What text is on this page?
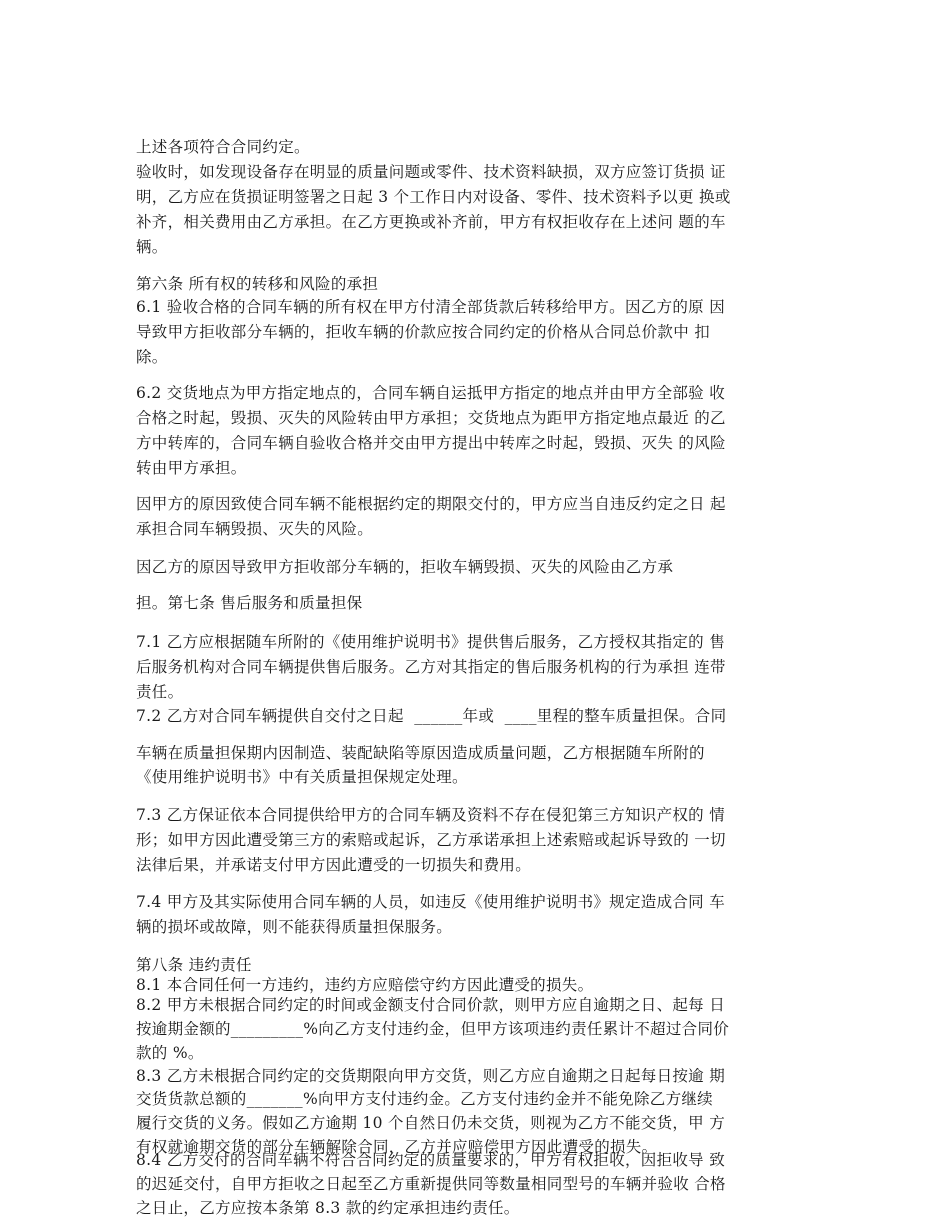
上述各项符合合同约定。
验收时，如发现设备存在明显的质量问题或零件、技术资料缺损，双方应签订货损 证
明，乙方应在货损证明签署之日起 3 个工作日内对设备、零件、技术资料予以更 换或
补齐，相关费用由乙方承担。在乙方更换或补齐前，甲方有权拒收存在上述问 题的车
辆。
第六条 所有权的转移和风险的承担
6.1 验收合格的合同车辆的所有权在甲方付清全部货款后转移给甲方。因乙方的原 因
导致甲方拒收部分车辆的，拒收车辆的价款应按合同约定的价格从合同总价款中 扣
除。
6.2 交货地点为甲方指定地点的，合同车辆自运抵甲方指定的地点并由甲方全部验 收
合格之时起，毁损、灭失的风险转由甲方承担；交货地点为距甲方指定地点最近 的乙
方中转库的，合同车辆自验收合格并交由甲方提出中转库之时起，毁损、灭失 的风险
转由甲方承担。
因甲方的原因致使合同车辆不能根据约定的期限交付的，甲方应当自违反约定之日 起
承担合同车辆毁损、灭失的风险。
因乙方的原因导致甲方拒收部分车辆的，拒收车辆毁损、灭失的风险由乙方承
担。第七条 售后服务和质量担保
7.1 乙方应根据随车所附的《使用维护说明书》提供售后服务，乙方授权其指定的 售
后服务机构对合同车辆提供售后服务。乙方对其指定的售后服务机构的行为承担 连带
责任。
7.2 乙方对合同车辆提供自交付之日起  ______年或  ____里程的整车质量担保。合同
车辆在质量担保期内因制造、装配缺陷等原因造成质量问题，乙方根据随车所附的
《使用维护说明书》中有关质量担保规定处理。
7.3 乙方保证依本合同提供给甲方的合同车辆及资料不存在侵犯第三方知识产权的 情
形；如甲方因此遭受第三方的索赔或起诉，乙方承诺承担上述索赔或起诉导致的 一切
法律后果，并承诺支付甲方因此遭受的一切损失和费用。
7.4 甲方及其实际使用合同车辆的人员，如违反《使用维护说明书》规定造成合同 车
辆的损坏或故障，则不能获得质量担保服务。
第八条 违约责任
8.1 本合同任何一方违约，违约方应赔偿守约方因此遭受的损失。
8.2 甲方未根据合同约定的时间或金额支付合同价款，则甲方应自逾期之日、起每 日
按逾期金额的_________%向乙方支付违约金，但甲方该项违约责任累计不超过合同价
款的 %。
8.3 乙方未根据合同约定的交货期限向甲方交货，则乙方应自逾期之日起每日按逾 期
交货货款总额的_______%向甲方支付违约金。乙方支付违约金并不能免除乙方继续
履行交货的义务。假如乙方逾期 10 个自然日仍未交货，则视为乙方不能交货，甲 方
有权就逾期交货的部分车辆解除合同，乙方并应赔偿甲方因此遭受的损失。
8.4 乙方交付的合同车辆不符合合同约定的质量要求的，甲方有权拒收，因拒收导 致
的迟延交付，自甲方拒收之日起至乙方重新提供同等数量相同型号的车辆并验收 合格
之日止，乙方应按本条第 8.3 款的约定承担违约责任。
